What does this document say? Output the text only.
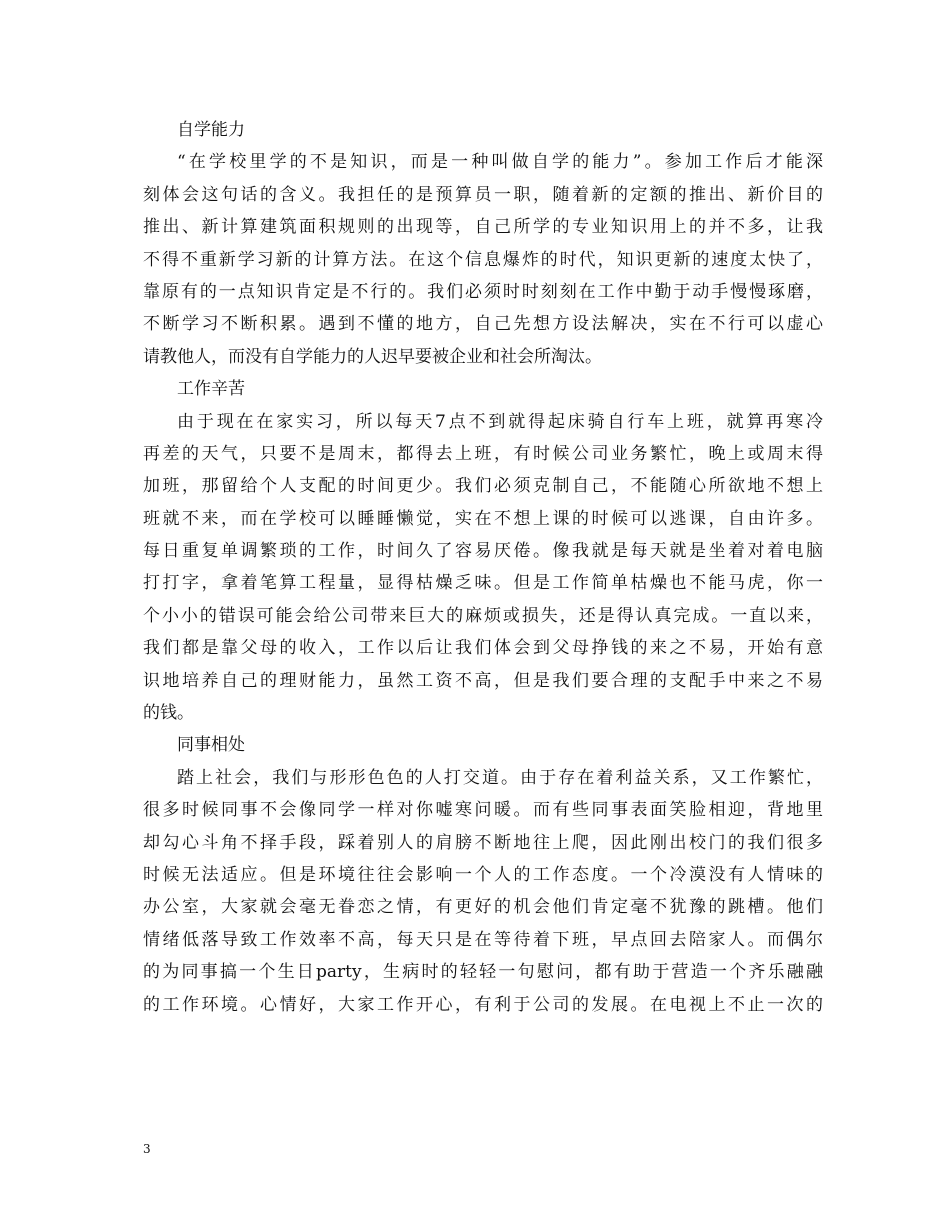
自学能力
“在学校里学的不是知识，而是一种叫做自学的能力”。参加工作后才能深
刻体会这句话的含义。我担任的是预算员一职，随着新的定额的推出、新价目的
推出、新计算建筑面积规则的出现等，自己所学的专业知识用上的并不多，让我
不得不重新学习新的计算方法。在这个信息爆炸的时代，知识更新的速度太快了，
靠原有的一点知识肯定是不行的。我们必须时时刻刻在工作中勤于动手慢慢琢磨，
不断学习不断积累。遇到不懂的地方，自己先想方设法解决，实在不行可以虚心
请教他人，而没有自学能力的人迟早要被企业和社会所淘汰。
工作辛苦
由于现在在家实习，所以每天7点不到就得起床骑自行车上班，就算再寒冷
再差的天气，只要不是周末，都得去上班，有时候公司业务繁忙，晚上或周末得
加班，那留给个人支配的时间更少。我们必须克制自己，不能随心所欲地不想上
班就不来，而在学校可以睡睡懒觉，实在不想上课的时候可以逃课，自由许多。
每日重复单调繁琐的工作，时间久了容易厌倦。像我就是每天就是坐着对着电脑
打打字，拿着笔算工程量，显得枯燥乏味。但是工作简单枯燥也不能马虎，你一
个小小的错误可能会给公司带来巨大的麻烦或损失，还是得认真完成。一直以来，
我们都是靠父母的收入，工作以后让我们体会到父母挣钱的来之不易，开始有意
识地培养自己的理财能力，虽然工资不高，但是我们要合理的支配手中来之不易
的钱。
同事相处
踏上社会，我们与形形色色的人打交道。由于存在着利益关系，又工作繁忙，
很多时候同事不会像同学一样对你嘘寒问暖。而有些同事表面笑脸相迎，背地里
却勾心斗角不择手段，踩着别人的肩膀不断地往上爬，因此刚出校门的我们很多
时候无法适应。但是环境往往会影响一个人的工作态度。一个冷漠没有人情味的
办公室，大家就会毫无眷恋之情，有更好的机会他们肯定毫不犹豫的跳槽。他们
情绪低落导致工作效率不高，每天只是在等待着下班，早点回去陪家人。而偶尔
的为同事搞一个生日party，生病时的轻轻一句慰问，都有助于营造一个齐乐融融
的工作环境。心情好，大家工作开心，有利于公司的发展。在电视上不止一次的
3
